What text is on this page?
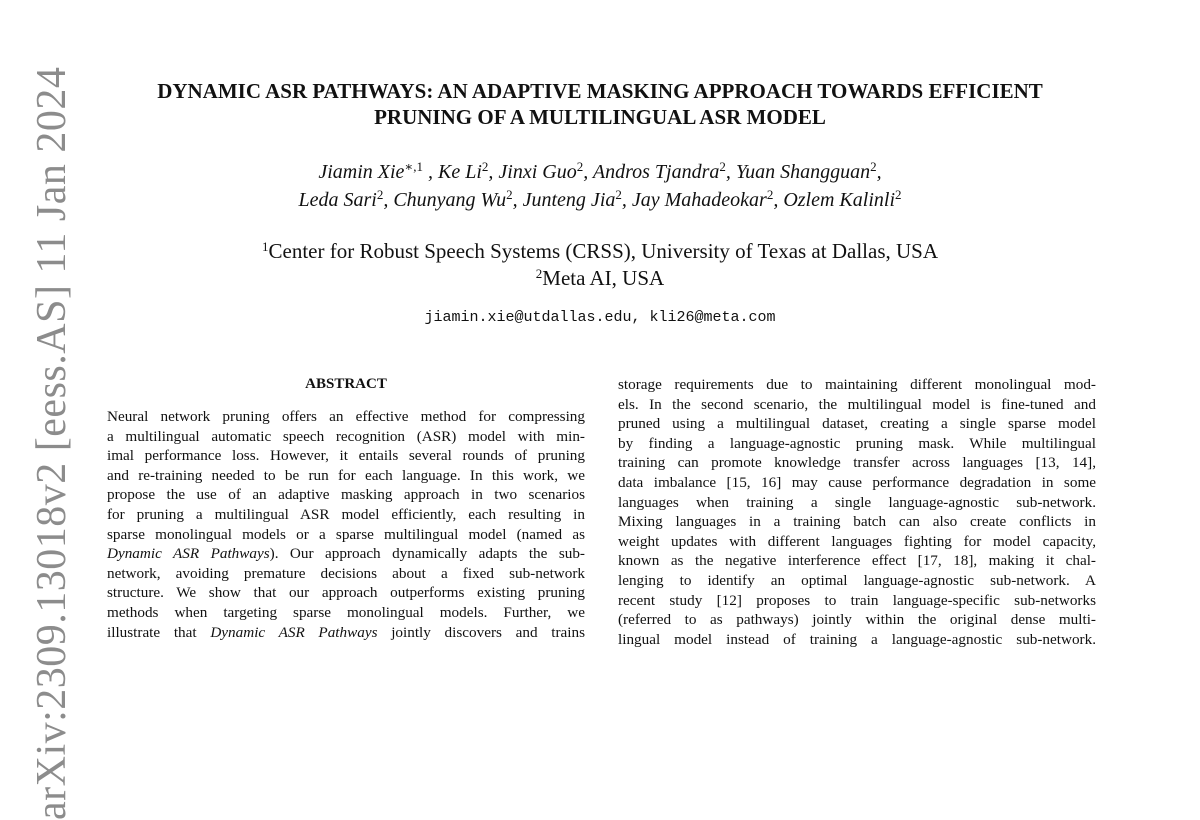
arXiv:2309.13018v2 [eess.AS] 11 Jan 2024	DYNAMIC ASR PATHWAYS: AN ADAPTIVE MASKING APPROACH TOWARDS EFFICIENT
PRUNING OF A MULTILINGUAL ASR MODEL
Jiamin Xie$^{∗,1}$ , Ke Li$^2$, Jinxi Guo$^2$, Andros Tjandra$^2$, Yuan Shangguan$^2$,
Leda Sari$^2$, Chunyang Wu$^2$, Junteng Jia$^2$, Jay Mahadeokar$^2$, Ozlem Kalinli$^2$
$^1$Center for Robust Speech Systems (CRSS), University of Texas at Dallas, USA
$^2$Meta AI, USA
jiamin.xie@utdallas.edu, kli26@meta.com
ABSTRACT
Neural network pruning offers an effective method for compressing
a multilingual automatic speech recognition (ASR) model with min-
imal performance loss. However, it entails several rounds of pruning
and re-training needed to be run for each language. In this work, we
propose the use of an adaptive masking approach in two scenarios
for pruning a multilingual ASR model efficiently, each resulting in
sparse monolingual models or a sparse multilingual model (named as
Dynamic ASR Pathways). Our approach dynamically adapts the sub-
network, avoiding premature decisions about a fixed sub-network
structure. We show that our approach outperforms existing pruning
methods when targeting sparse monolingual models. Further, we
illustrate that Dynamic ASR Pathways jointly discovers and trains
storage requirements due to maintaining different monolingual mod-
els. In the second scenario, the multilingual model is fine-tuned and
pruned using a multilingual dataset, creating a single sparse model
by finding a language-agnostic pruning mask. While multilingual
training can promote knowledge transfer across languages [13, 14],
data imbalance [15, 16] may cause performance degradation in some
languages when training a single language-agnostic sub-network.
Mixing languages in a training batch can also create conflicts in
weight updates with different languages fighting for model capacity,
known as the negative interference effect [17, 18], making it chal-
lenging to identify an optimal language-agnostic sub-network. A
recent study [12] proposes to train language-specific sub-networks
(referred to as pathways) jointly within the original dense multi-
lingual model instead of training a language-agnostic sub-network.
